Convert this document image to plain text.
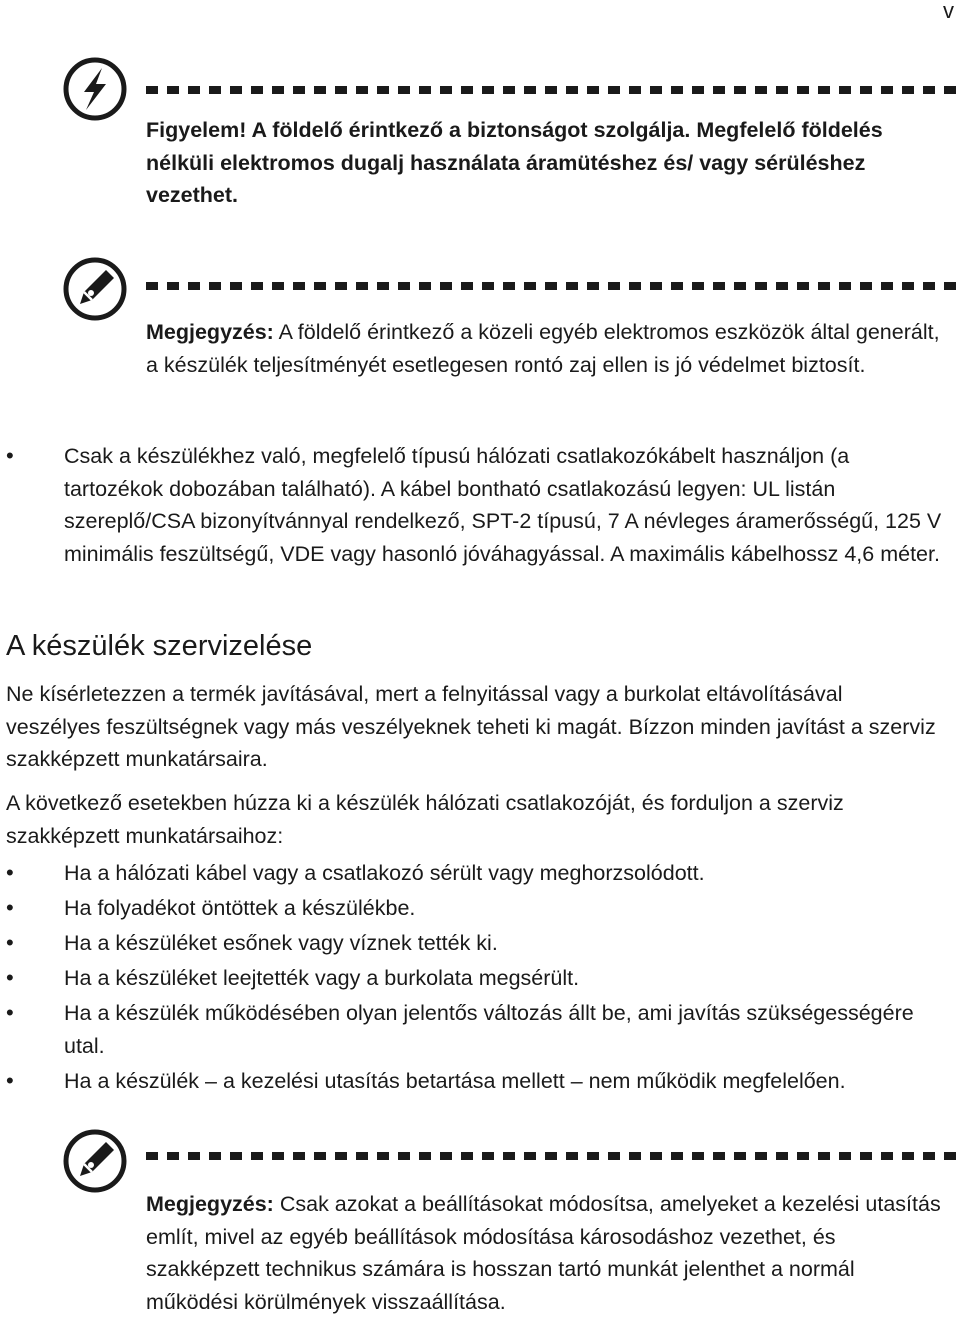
v

Figyelem! A földelő érintkező a biztonságot szolgálja. Megfelelő földelés nélküli elektromos dugalj használata áramütéshez és/ vagy sérüléshez vezethet.

Megjegyzés: A földelő érintkező a közeli egyéb elektromos eszközök által generált, a készülék teljesítményét esetlegesen rontó zaj ellen is jó védelmet biztosít.

• Csak a készülékhez való, megfelelő típusú hálózati csatlakozókábelt használjon (a tartozékok dobozában található). A kábel bontható csatlakozású legyen: UL listán szereplő/CSA bizonyítvánnyal rendelkező, SPT-2 típusú, 7 A névleges áramerősségű, 125 V minimális feszültségű, VDE vagy hasonló jóváhagyással. A maximális kábelhossz 4,6 méter.
A készülék szervizelése

Ne kísérletezzen a termék javításával, mert a felnyitással vagy a burkolat eltávolításával veszélyes feszültségnek vagy más veszélyeknek teheti ki magát. Bízzon minden javítást a szerviz szakképzett munkatársaira.

A következő esetekben húzza ki a készülék hálózati csatlakozóját, és forduljon a szerviz szakképzett munkatársaihoz:

• Ha a hálózati kábel vagy a csatlakozó sérült vagy meghorzsolódott.
• Ha folyadékot öntöttek a készülékbe.
• Ha a készüléket esőnek vagy víznek tették ki.
• Ha a készüléket leejtették vagy a burkolata megsérült.
• Ha a készülék működésében olyan jelentős változás állt be, ami javítás szükségességére utal.
• Ha a készülék – a kezelési utasítás betartása mellett – nem működik megfelelően.

Megjegyzés: Csak azokat a beállításokat módosítsa, amelyeket a kezelési utasítás említ, mivel az egyéb beállítások módosítása károsodáshoz vezethet, és szakképzett technikus számára is hosszan tartó munkát jelenthet a normál működési körülmények visszaállítása.
